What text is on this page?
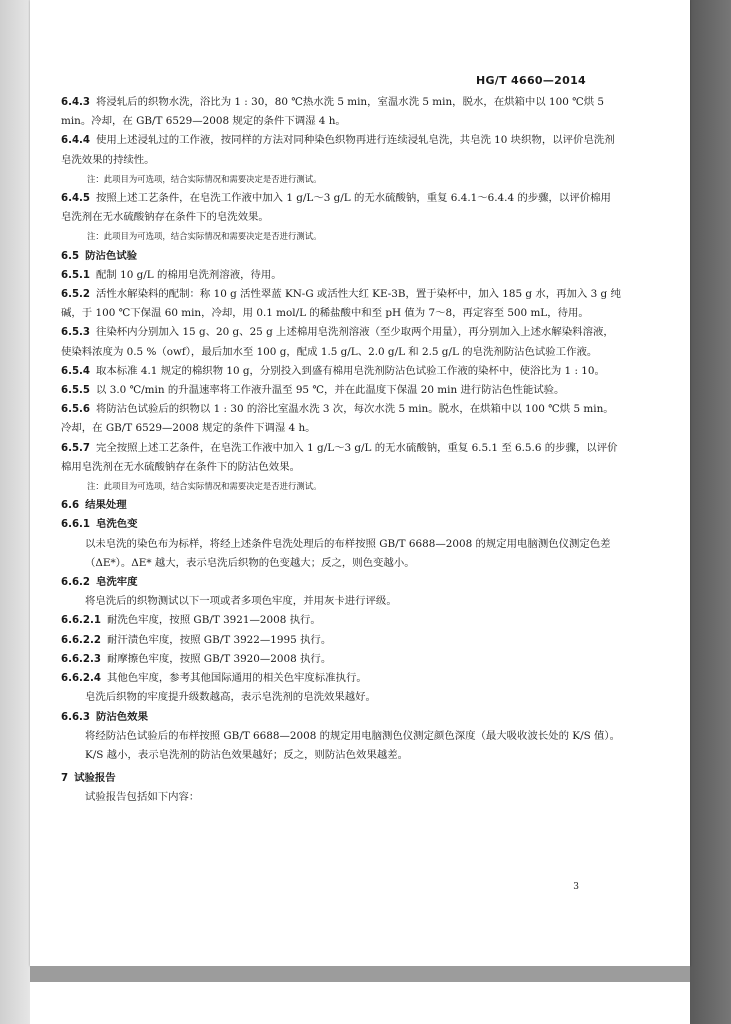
HG/T 4660—2014

6.4.3 将浸轧后的织物水洗，浴比为 1 : 30，80 ℃热水洗 5 min，室温水洗 5 min，脱水，在烘箱中以 100 ℃烘 5 min。冷却，在 GB/T 6529—2008 规定的条件下调湿 4 h。

6.4.4 使用上述浸轧过的工作液，按同样的方法对同种染色织物再进行连续浸轧皂洗，共皂洗 10 块织物，以评价皂洗剂皂洗效果的持续性。

注：此项目为可选项，结合实际情况和需要决定是否进行测试。

6.4.5 按照上述工艺条件，在皂洗工作液中加入 1 g/L～3 g/L 的无水硫酸钠，重复 6.4.1～6.4.4 的步骤，以评价棉用皂洗剂在无水硫酸钠存在条件下的皂洗效果。

注：此项目为可选项，结合实际情况和需要决定是否进行测试。

6.5 防沾色试验

6.5.1 配制 10 g/L 的棉用皂洗剂溶液，待用。

6.5.2 活性水解染料的配制：称 10 g 活性翠蓝 KN-G 或活性大红 KE-3B，置于染杯中，加入 185 g 水，再加入 3 g 纯碱，于 100 ℃下保温 60 min，冷却，用 0.1 mol/L 的稀盐酸中和至 pH 值为 7～8，再定容至 500 mL，待用。

6.5.3 往染杯内分别加入 15 g、20 g、25 g 上述棉用皂洗剂溶液（至少取两个用量），再分别加入上述水解染料溶液，使染料浓度为 0.5 %（owf），最后加水至 100 g，配成 1.5 g/L、2.0 g/L 和 2.5 g/L 的皂洗剂防沾色试验工作液。

6.5.4 取本标准 4.1 规定的棉织物 10 g，分别投入到盛有棉用皂洗剂防沾色试验工作液的染杯中，使浴比为 1 : 10。

6.5.5 以 3.0 ℃/min 的升温速率将工作液升温至 95 ℃，并在此温度下保温 20 min 进行防沾色性能试验。

6.5.6 将防沾色试验后的织物以 1 : 30 的浴比室温水洗 3 次，每次水洗 5 min。脱水，在烘箱中以 100 ℃烘 5 min。冷却，在 GB/T 6529—2008 规定的条件下调湿 4 h。

6.5.7 完全按照上述工艺条件，在皂洗工作液中加入 1 g/L～3 g/L 的无水硫酸钠，重复 6.5.1 至 6.5.6 的步骤，以评价棉用皂洗剂在无水硫酸钠存在条件下的防沾色效果。

注：此项目为可选项，结合实际情况和需要决定是否进行测试。

6.6 结果处理

6.6.1 皂洗色变

以未皂洗的染色布为标样，将经上述条件皂洗处理后的布样按照 GB/T 6688—2008 的规定用电脑测色仪测定色差（ΔE*）。ΔE* 越大，表示皂洗后织物的色变越大；反之，则色变越小。

6.6.2 皂洗牢度

将皂洗后的织物测试以下一项或者多项色牢度，并用灰卡进行评级。

6.6.2.1 耐洗色牢度，按照 GB/T 3921—2008 执行。

6.6.2.2 耐汗渍色牢度，按照 GB/T 3922—1995 执行。

6.6.2.3 耐摩擦色牢度，按照 GB/T 3920—2008 执行。

6.6.2.4 其他色牢度，参考其他国际通用的相关色牢度标准执行。

皂洗后织物的牢度提升级数越高，表示皂洗剂的皂洗效果越好。

6.6.3 防沾色效果

将经防沾色试验后的布样按照 GB/T 6688—2008 的规定用电脑测色仪测定颜色深度（最大吸收波长处的 K/S 值）。K/S 越小，表示皂洗剂的防沾色效果越好；反之，则防沾色效果越差。

7 试验报告

试验报告包括如下内容：

3
